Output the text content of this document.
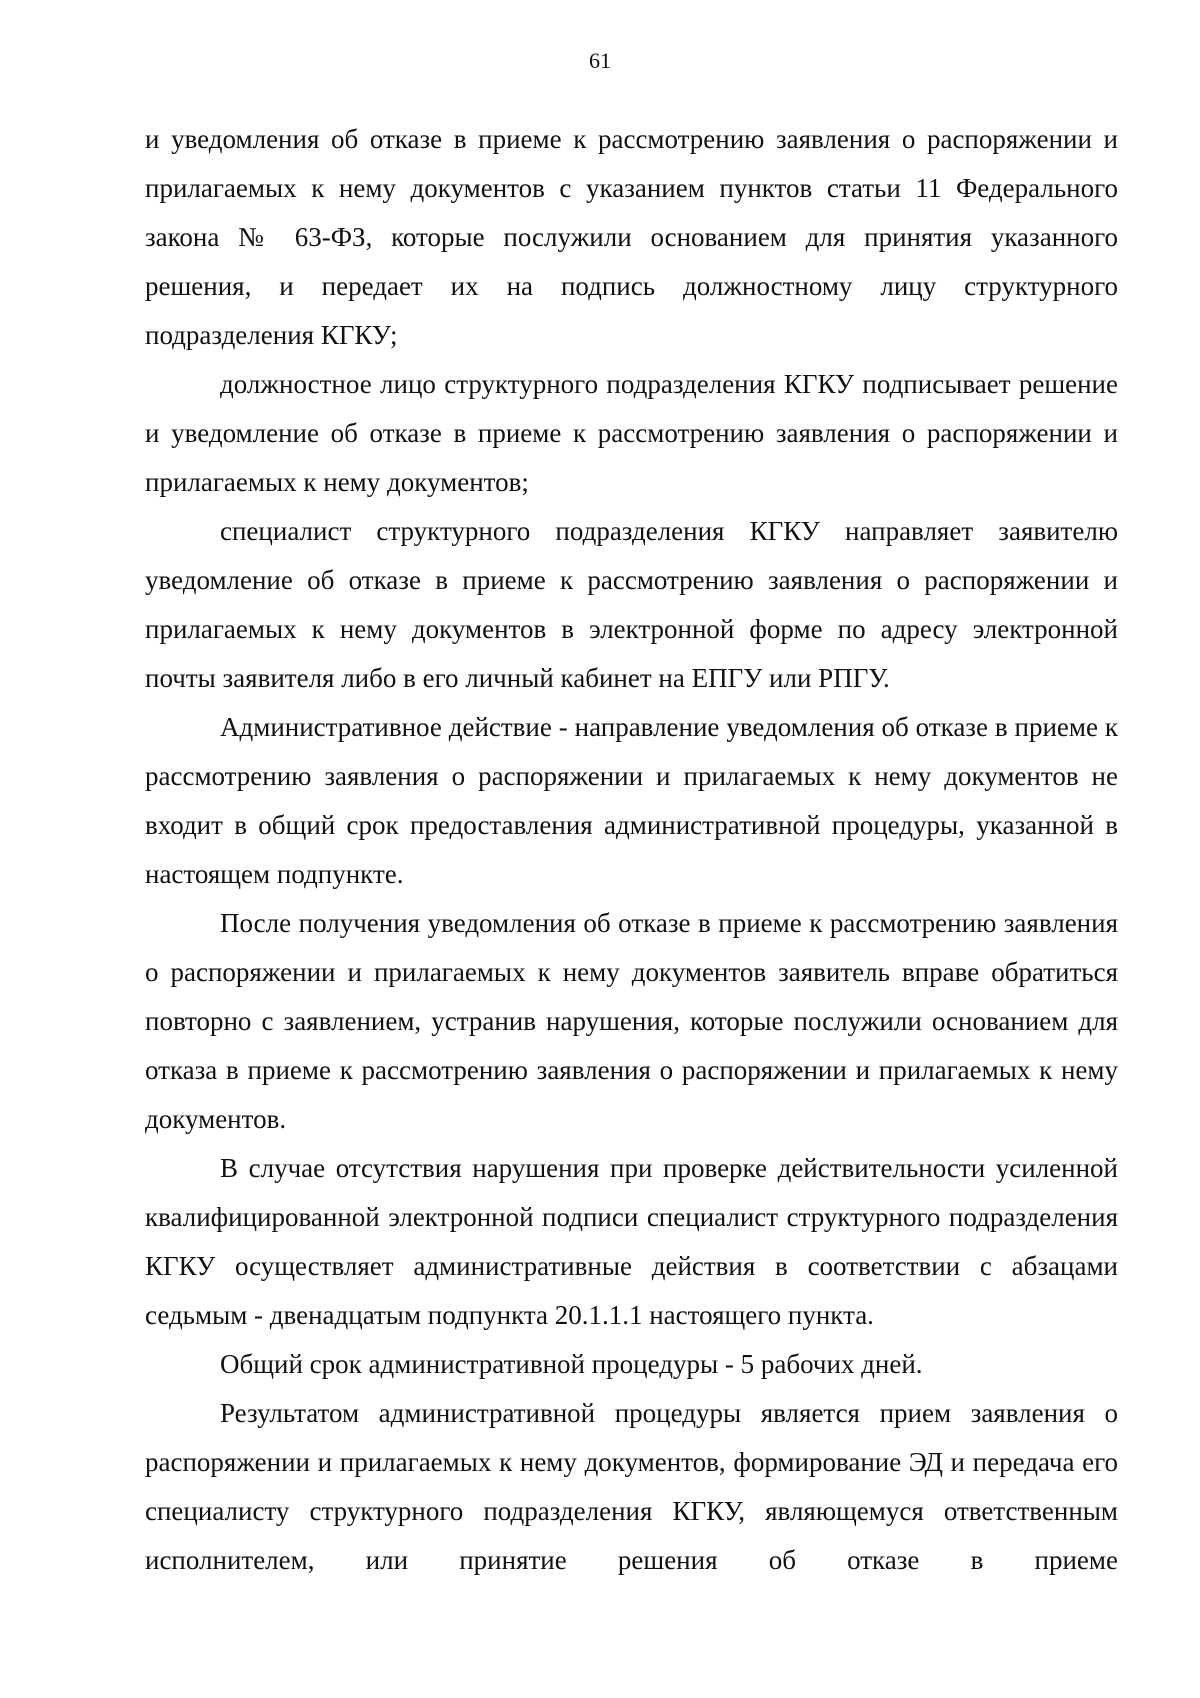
61

и уведомления об отказе в приеме к рассмотрению заявления о распоряжении и прилагаемых к нему документов с указанием пунктов статьи 11 Федерального закона № 63-ФЗ, которые послужили основанием для принятия указанного решения, и передает их на подпись должностному лицу структурного подразделения КГКУ;

должностное лицо структурного подразделения КГКУ подписывает решение и уведомление об отказе в приеме к рассмотрению заявления о распоряжении и прилагаемых к нему документов;

специалист структурного подразделения КГКУ направляет заявителю уведомление об отказе в приеме к рассмотрению заявления о распоряжении и прилагаемых к нему документов в электронной форме по адресу электронной почты заявителя либо в его личный кабинет на ЕПГУ или РПГУ.

Административное действие - направление уведомления об отказе в приеме к рассмотрению заявления о распоряжении и прилагаемых к нему документов не входит в общий срок предоставления административной процедуры, указанной в настоящем подпункте.

После получения уведомления об отказе в приеме к рассмотрению заявления о распоряжении и прилагаемых к нему документов заявитель вправе обратиться повторно с заявлением, устранив нарушения, которые послужили основанием для отказа в приеме к рассмотрению заявления о распоряжении и прилагаемых к нему документов.

В случае отсутствия нарушения при проверке действительности усиленной квалифицированной электронной подписи специалист структурного подразделения КГКУ осуществляет административные действия в соответствии с абзацами седьмым - двенадцатым подпункта 20.1.1.1 настоящего пункта.

Общий срок административной процедуры - 5 рабочих дней.

Результатом административной процедуры является прием заявления о распоряжении и прилагаемых к нему документов, формирование ЭД и передача его специалисту структурного подразделения КГКУ, являющемуся ответственным исполнителем, или принятие решения об отказе в приеме
